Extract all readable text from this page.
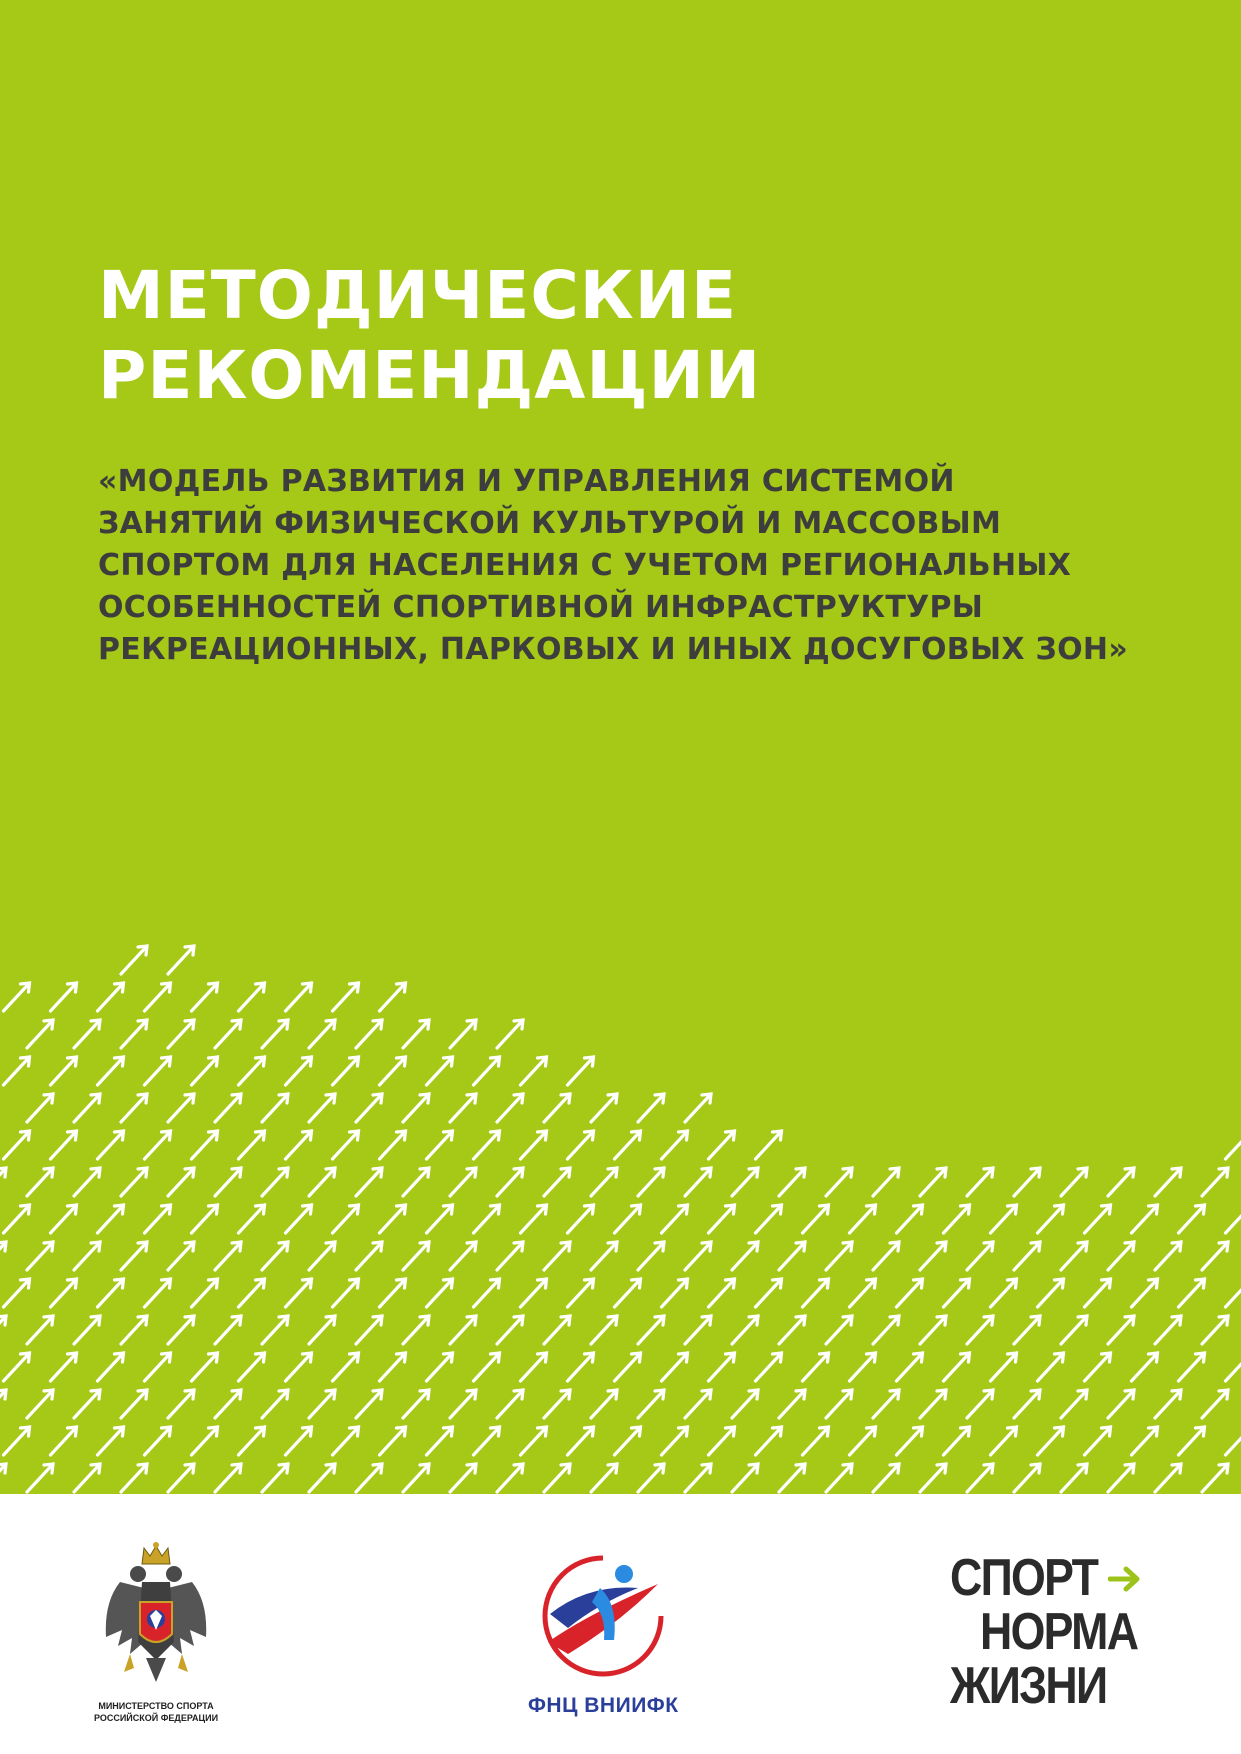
МЕТОДИЧЕСКИЕ
РЕКОМЕНДАЦИИ

«МОДЕЛЬ РАЗВИТИЯ И УПРАВЛЕНИЯ СИСТЕМОЙ
ЗАНЯТИЙ ФИЗИЧЕСКОЙ КУЛЬТУРОЙ И МАССОВЫМ
СПОРТОМ ДЛЯ НАСЕЛЕНИЯ С УЧЕТОМ РЕГИОНАЛЬНЫХ
ОСОБЕННОСТЕЙ СПОРТИВНОЙ ИНФРАСТРУКТУРЫ
РЕКРЕАЦИОННЫХ, ПАРКОВЫХ И ИНЫХ ДОСУГОВЫХ ЗОН»

МИНИСТЕРСТВО СПОРТА
РОССИЙСКОЙ ФЕДЕРАЦИИ
ФНЦ ВНИИФК
СПОРТ
НОРМА
ЖИЗНИ
